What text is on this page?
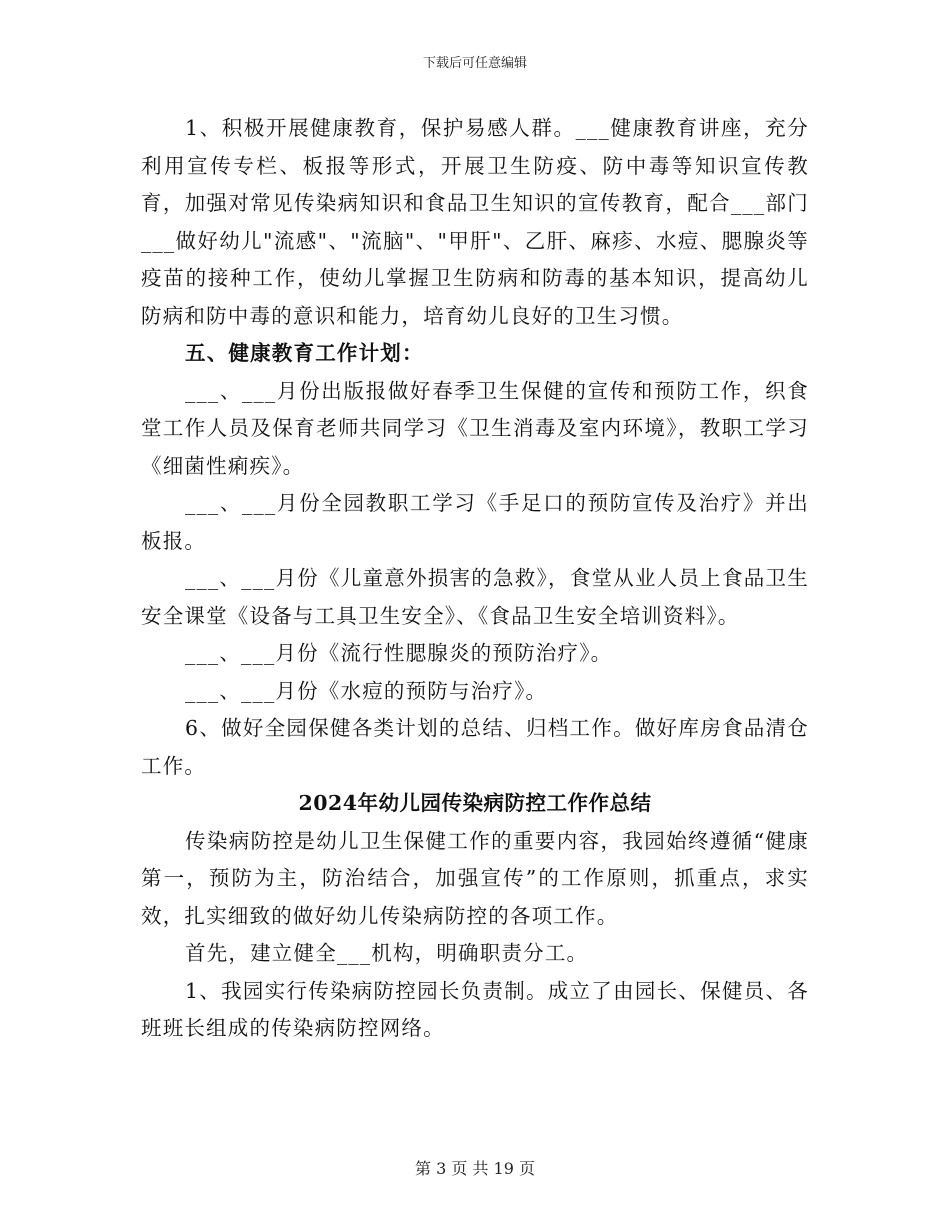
下载后可任意编辑

1、积极开展健康教育，保护易感人群。___健康教育讲座，充分利用宣传专栏、板报等形式，开展卫生防疫、防中毒等知识宣传教育，加强对常见传染病知识和食品卫生知识的宣传教育，配合___部门___做好幼儿"流感"、"流脑"、"甲肝"、乙肝、麻疹、水痘、腮腺炎等疫苗的接种工作，使幼儿掌握卫生防病和防毒的基本知识，提高幼儿防病和防中毒的意识和能力，培育幼儿良好的卫生习惯。

五、健康教育工作计划：

___、___月份出版报做好春季卫生保健的宣传和预防工作，织食堂工作人员及保育老师共同学习《卫生消毒及室内环境》，教职工学习《细菌性痢疾》。

___、___月份全园教职工学习《手足口的预防宣传及治疗》并出板报。

___、___月份《儿童意外损害的急救》，食堂从业人员上食品卫生安全课堂《设备与工具卫生安全》、《食品卫生安全培训资料》。

___、___月份《流行性腮腺炎的预防治疗》。

___、___月份《水痘的预防与治疗》。

6、做好全园保健各类计划的总结、归档工作。做好库房食品清仓工作。

2024年幼儿园传染病防控工作作总结

传染病防控是幼儿卫生保健工作的重要内容，我园始终遵循“健康第一，预防为主，防治结合，加强宣传”的工作原则，抓重点，求实效，扎实细致的做好幼儿传染病防控的各项工作。

首先，建立健全___机构，明确职责分工。

1、我园实行传染病防控园长负责制。成立了由园长、保健员、各班班长组成的传染病防控网络。

第 3 页 共 19 页
